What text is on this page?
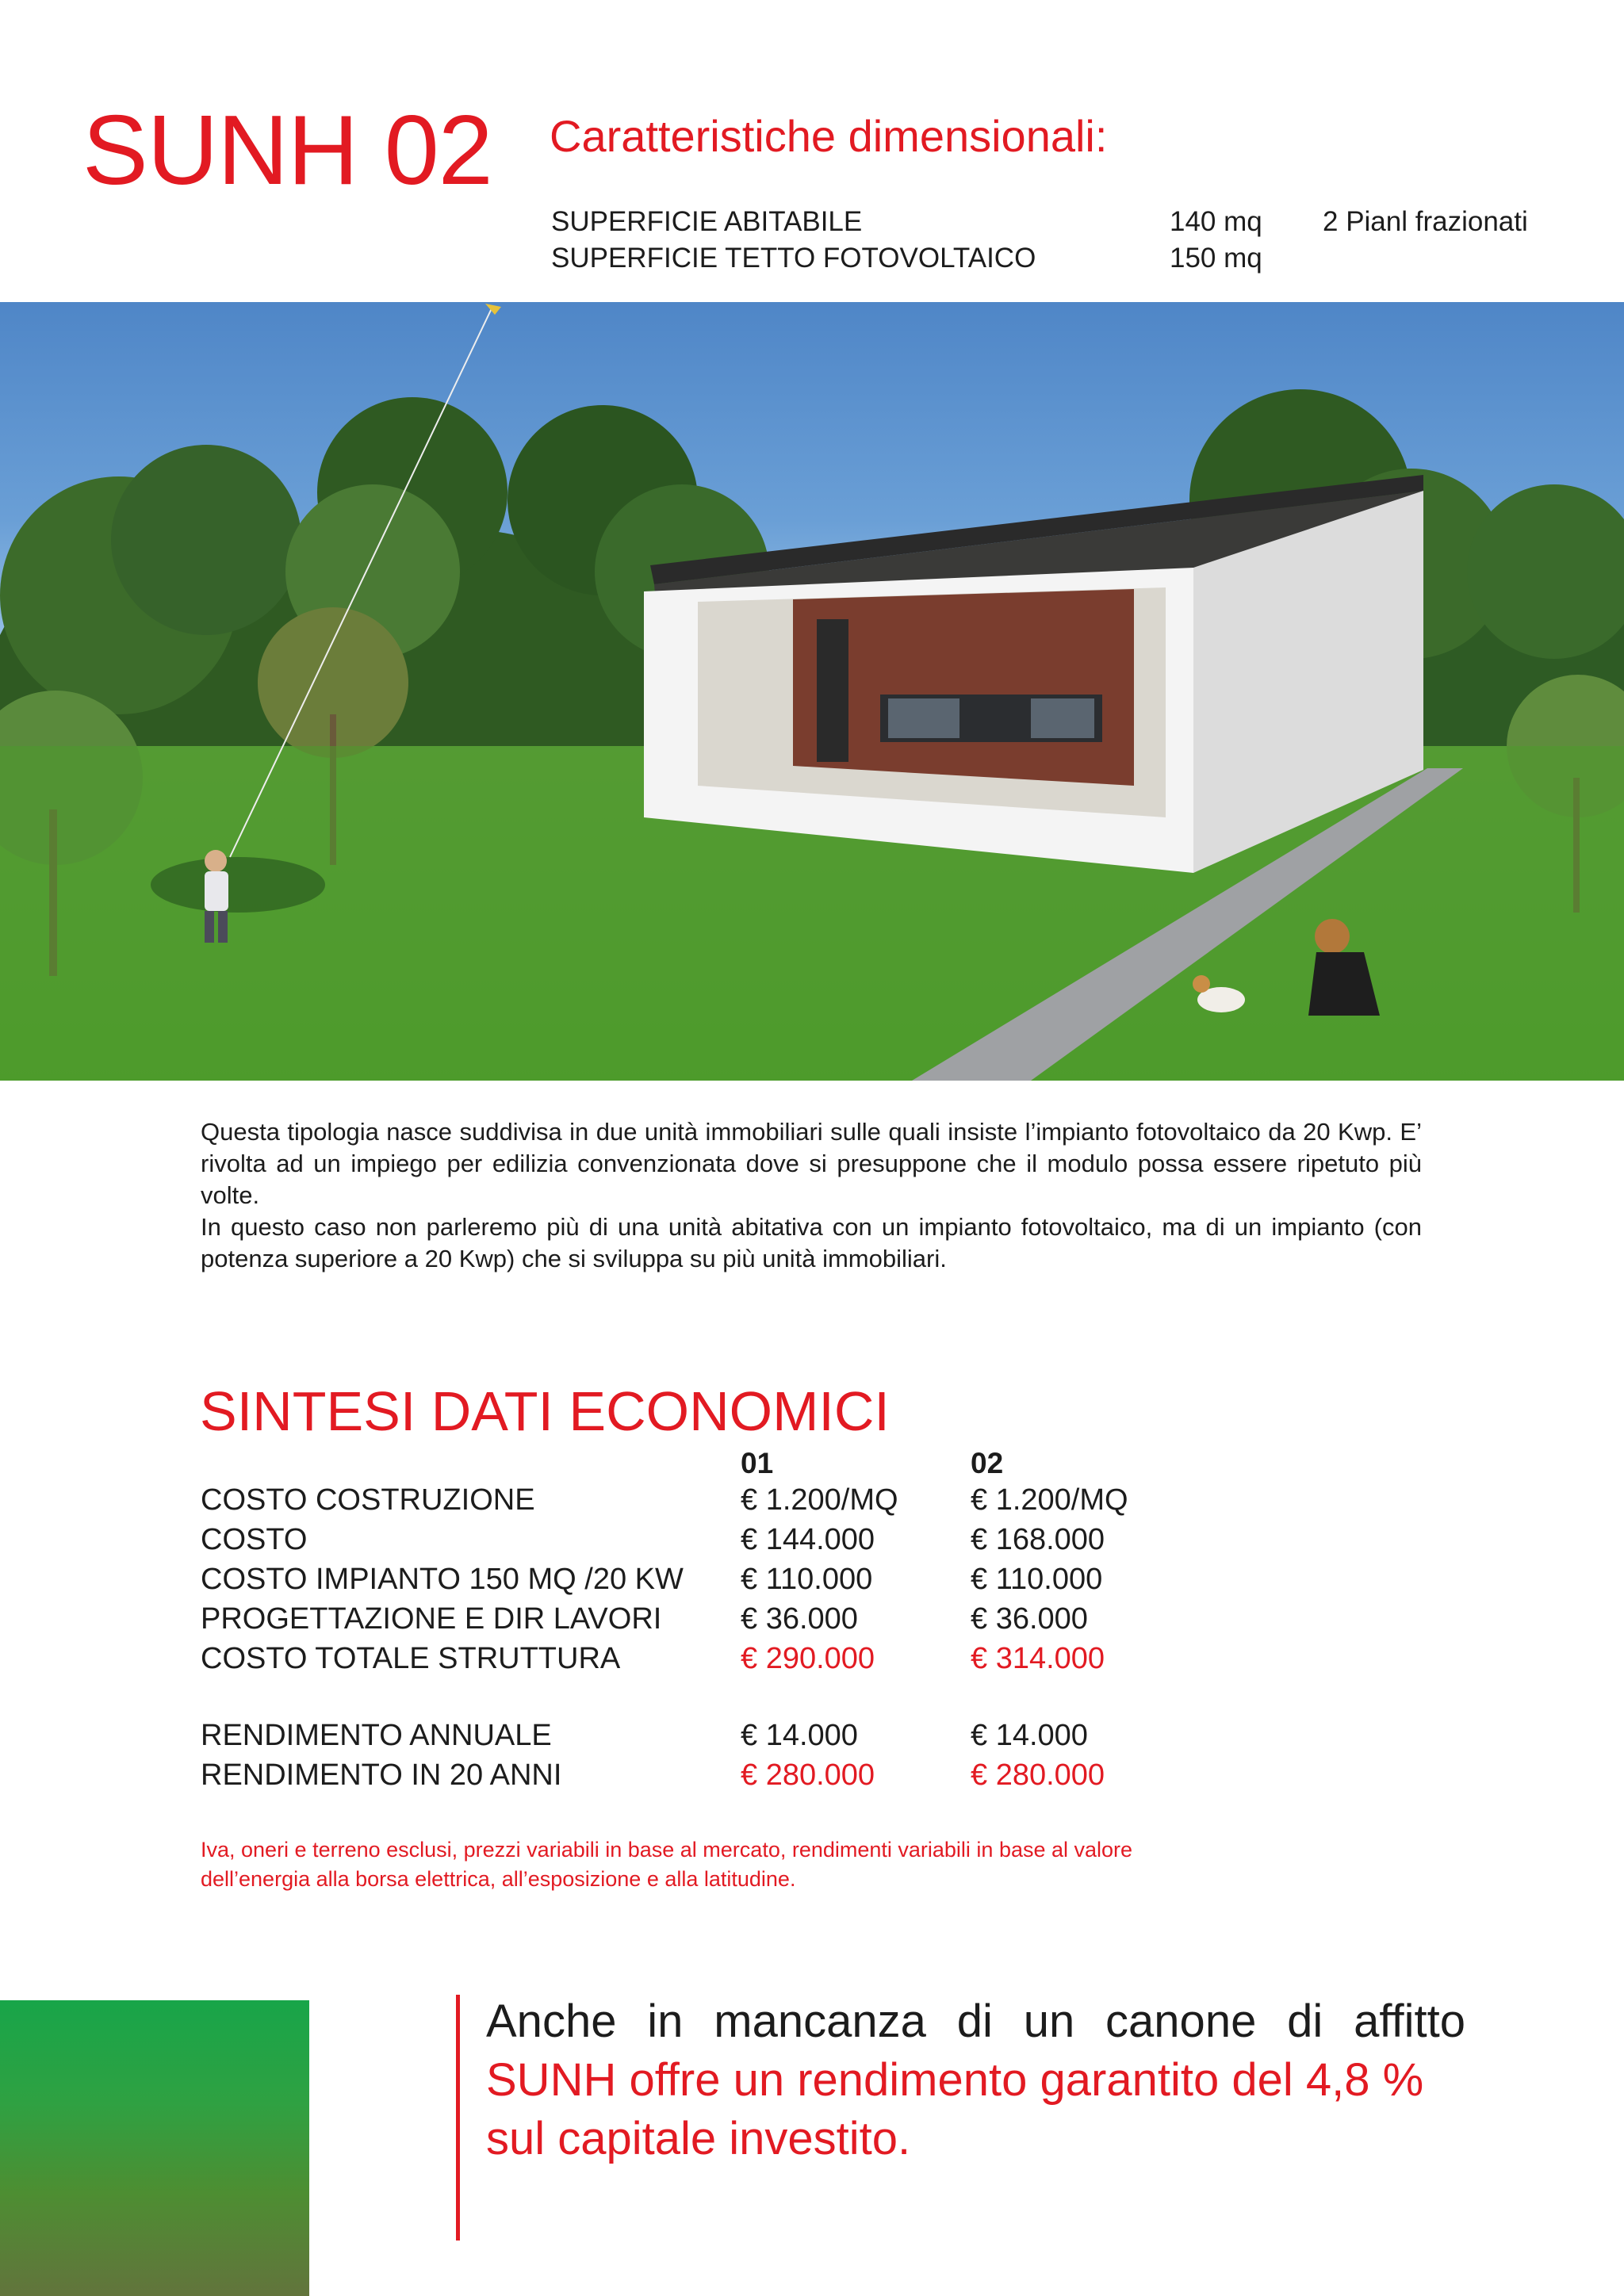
SUNH 02 Caratteristiche dimensionali:
SUPERFICIE ABITABILE	140 mq 2 Pianl frazionati
SUPERFICIE TETTO FOTOVOLTAICO	150 mq

Questa tipologia nasce suddivisa in due unità immobiliari sulle quali insiste l’impianto fotovoltaico da 20 Kwp. E’ rivolta ad un impiego per edilizia convenzionata dove si presuppone che il modulo possa essere ripetuto più volte.

In questo caso non parleremo più di una unità abitativa con un impianto fotovoltaico, ma di un impianto (con potenza superiore a 20 Kwp) che si sviluppa su più unità immobiliari.

SINTESI DATI ECONOMICI
01	02
COSTO COSTRUZIONE	€ 1.200/MQ € 1.200/MQ
COSTO	€ 144.000	€ 168.000
COSTO IMPIANTO 150 MQ /20 KW € 110.000	€ 110.000
PROGETTAZIONE E DIR LAVORI	€ 36.000	€ 36.000
COSTO TOTALE STRUTTURA	€ 290.000	€ 314.000
RENDIMENTO ANNUALE	€ 14.000	€ 14.000
RENDIMENTO IN 20 ANNI	€ 280.000	€ 280.000
Iva, oneri e terreno esclusi, prezzi variabili in base al mercato, rendimenti variabili in base al valore
dell’energia alla borsa elettrica, all’esposizione e alla latitudine.
Anche in mancanza di un canone di affitto
SUNH offre un rendimento garantito del 4,8 %
sul capitale investito.
